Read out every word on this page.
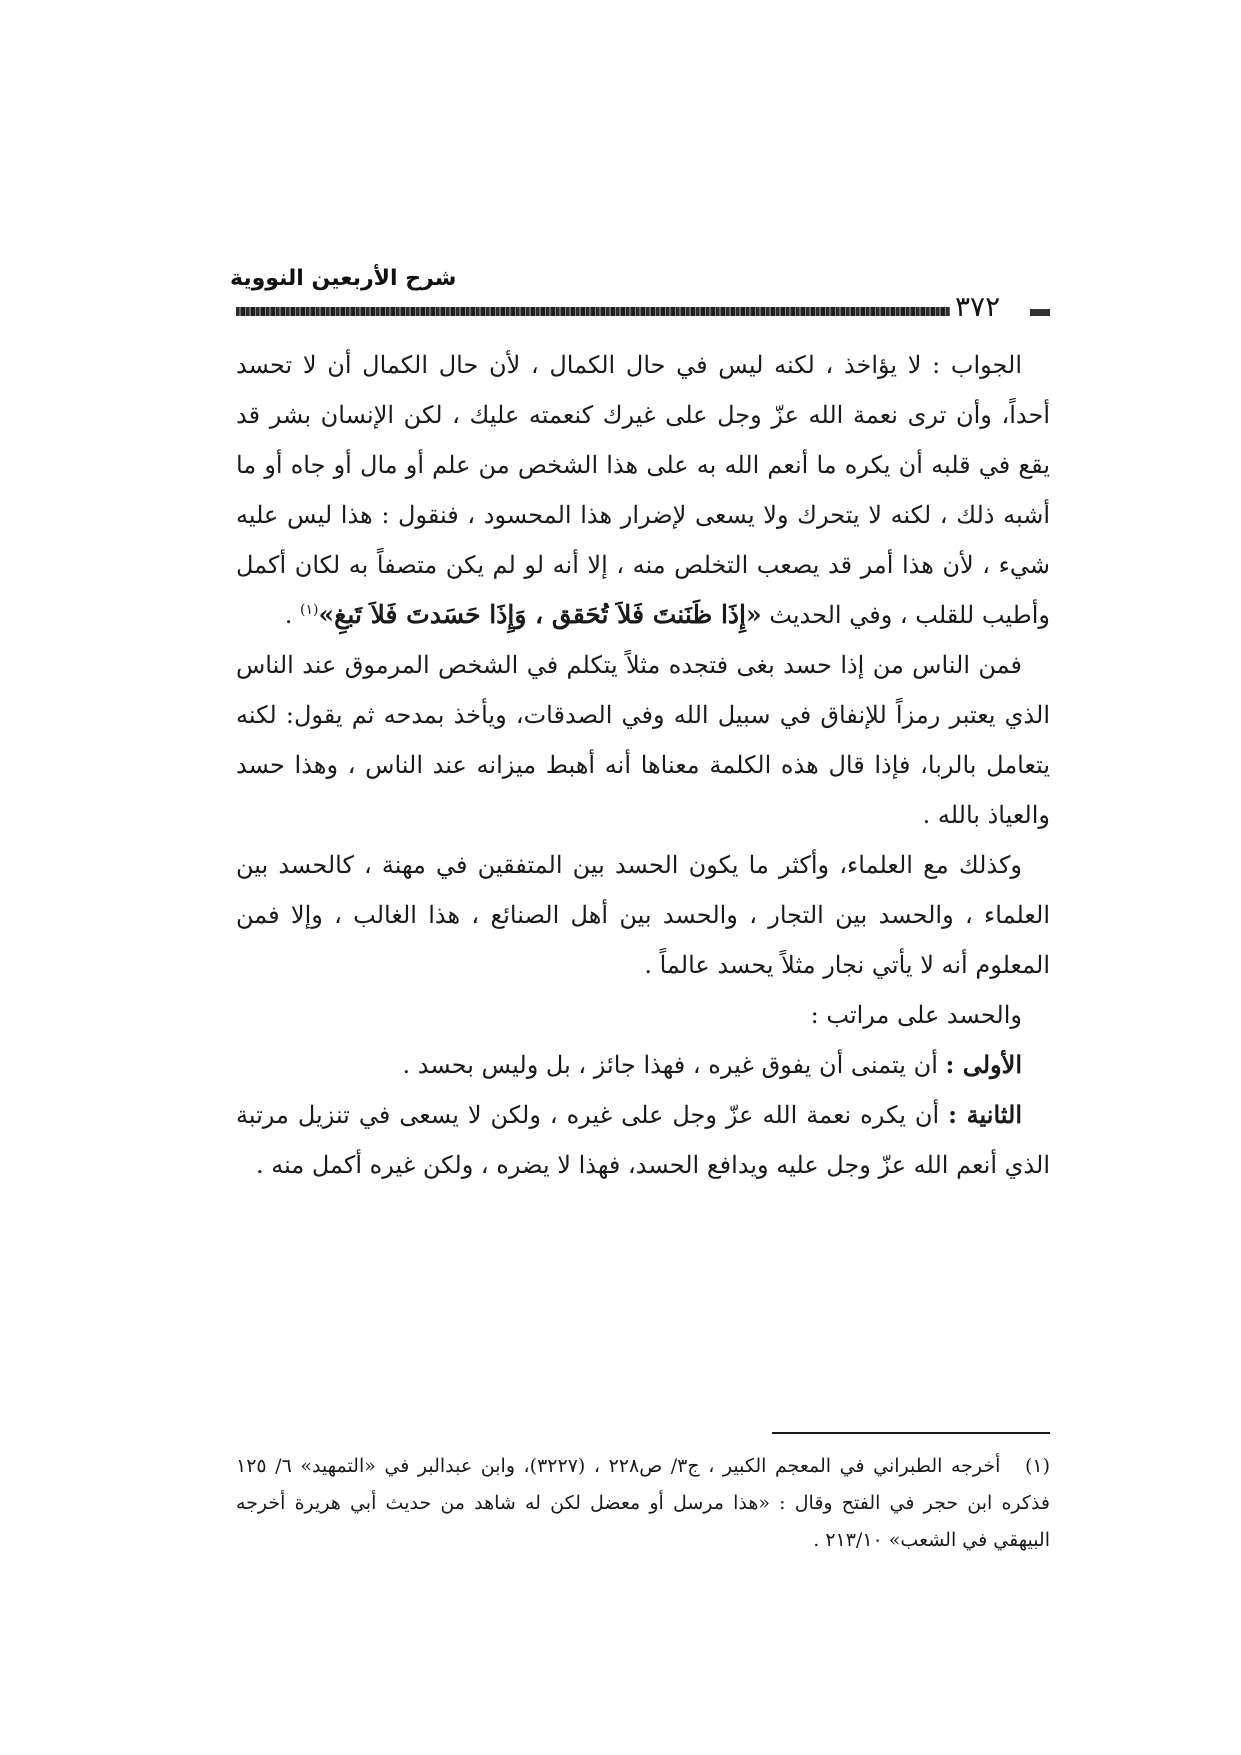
شرح الأربعين النووية
٣٧٢

الجواب : لا يؤاخذ ، لكنه ليس في حال الكمال ، لأن حال الكمال أن لا تحسد أحداً، وأن ترى نعمة الله عزّ وجل على غيرك كنعمته عليك ، لكن الإنسان بشر قد يقع في قلبه أن يكره ما أنعم الله به على هذا الشخص من علم أو مال أو جاه أو ما أشبه ذلك ، لكنه لا يتحرك ولا يسعى لإضرار هذا المحسود ، فنقول : هذا ليس عليه شيء ، لأن هذا أمر قد يصعب التخلص منه ، إلا أنه لو لم يكن متصفاً به لكان أكمل وأطيب للقلب ، وفي الحديث «إِذَا ظَنَنتَ فَلاَ تُحَقق ، وَإِذَا حَسَدتَ فَلاَ تَبغِ»$^{(١)}$ .

فمن الناس من إذا حسد بغى فتجده مثلاً يتكلم في الشخص المرموق عند الناس الذي يعتبر رمزاً للإنفاق في سبيل الله وفي الصدقات، ويأخذ بمدحه ثم يقول: لكنه يتعامل بالربا، فإذا قال هذه الكلمة معناها أنه أهبط ميزانه عند الناس ، وهذا حسد والعياذ بالله .

وكذلك مع العلماء، وأكثر ما يكون الحسد بين المتفقين في مهنة ، كالحسد بين العلماء ، والحسد بين التجار ، والحسد بين أهل الصنائع ، هذا الغالب ، وإلا فمن المعلوم أنه لا يأتي نجار مثلاً يحسد عالماً .

والحسد على مراتب :

الأولى : أن يتمنى أن يفوق غيره ، فهذا جائز ، بل وليس بحسد .

الثانية : أن يكره نعمة الله عزّ وجل على غيره ، ولكن لا يسعى في تنزيل مرتبة الذي أنعم الله عزّ وجل عليه ويدافع الحسد، فهذا لا يضره ، ولكن غيره أكمل منه .

(١) أخرجه الطبراني في المعجم الكبير ، ج٣/ ص٢٢٨ ، (٣٢٢٧)، وابن عبدالبر في «التمهيد» ٦/ ١٢٥ فذكره ابن حجر في الفتح وقال : «هذا مرسل أو معضل لكن له شاهد من حديث أبي هريرة أخرجه البيهقي في الشعب» ٢١٣/١٠ .
